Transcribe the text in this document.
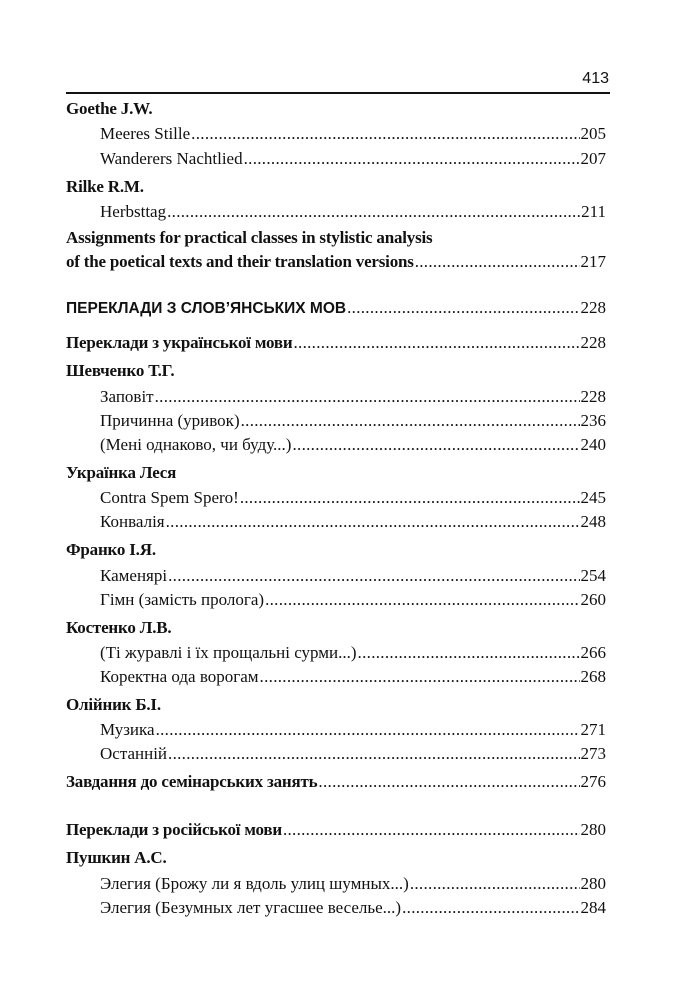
413
Goethe J.W.
Meeres Stille .....	205
Wanderers Nachtlied .....	207
Rilke R.M.
Herbsttag .....	211
Assignments for practical classes in stylistic analysis
of the poetical texts and their translation versions .....	217
ПЕРЕКЛАДИ З СЛОВ’ЯНСЬКИХ МОВ .....	228
Переклади з української мови .....	228
Шевченко Т.Г.
Заповіт .....	228
Причинна (уривок) .....	236
(Мені однаково, чи буду...) .....	240
Українка Леся
Contra Spem Spero! .....	245
Конвалія .....	248
Франко І.Я.
Каменярі .....	254
Гімн (замість пролога) .....	260
Костенко Л.В.
(Ті журавлі і їх прощальні сурми...) .....	266
Коректна ода ворогам .....	268
Олійник Б.І.
Музика .....	271
Останній .....	273
Завдання до семінарських занять .....	276
Переклади з російської мови .....	280
Пушкин А.С.
Элегия (Брожу ли я вдоль улиц шумных...) .....	280
Элегия (Безумных лет угасшее веселье...) .....	284
